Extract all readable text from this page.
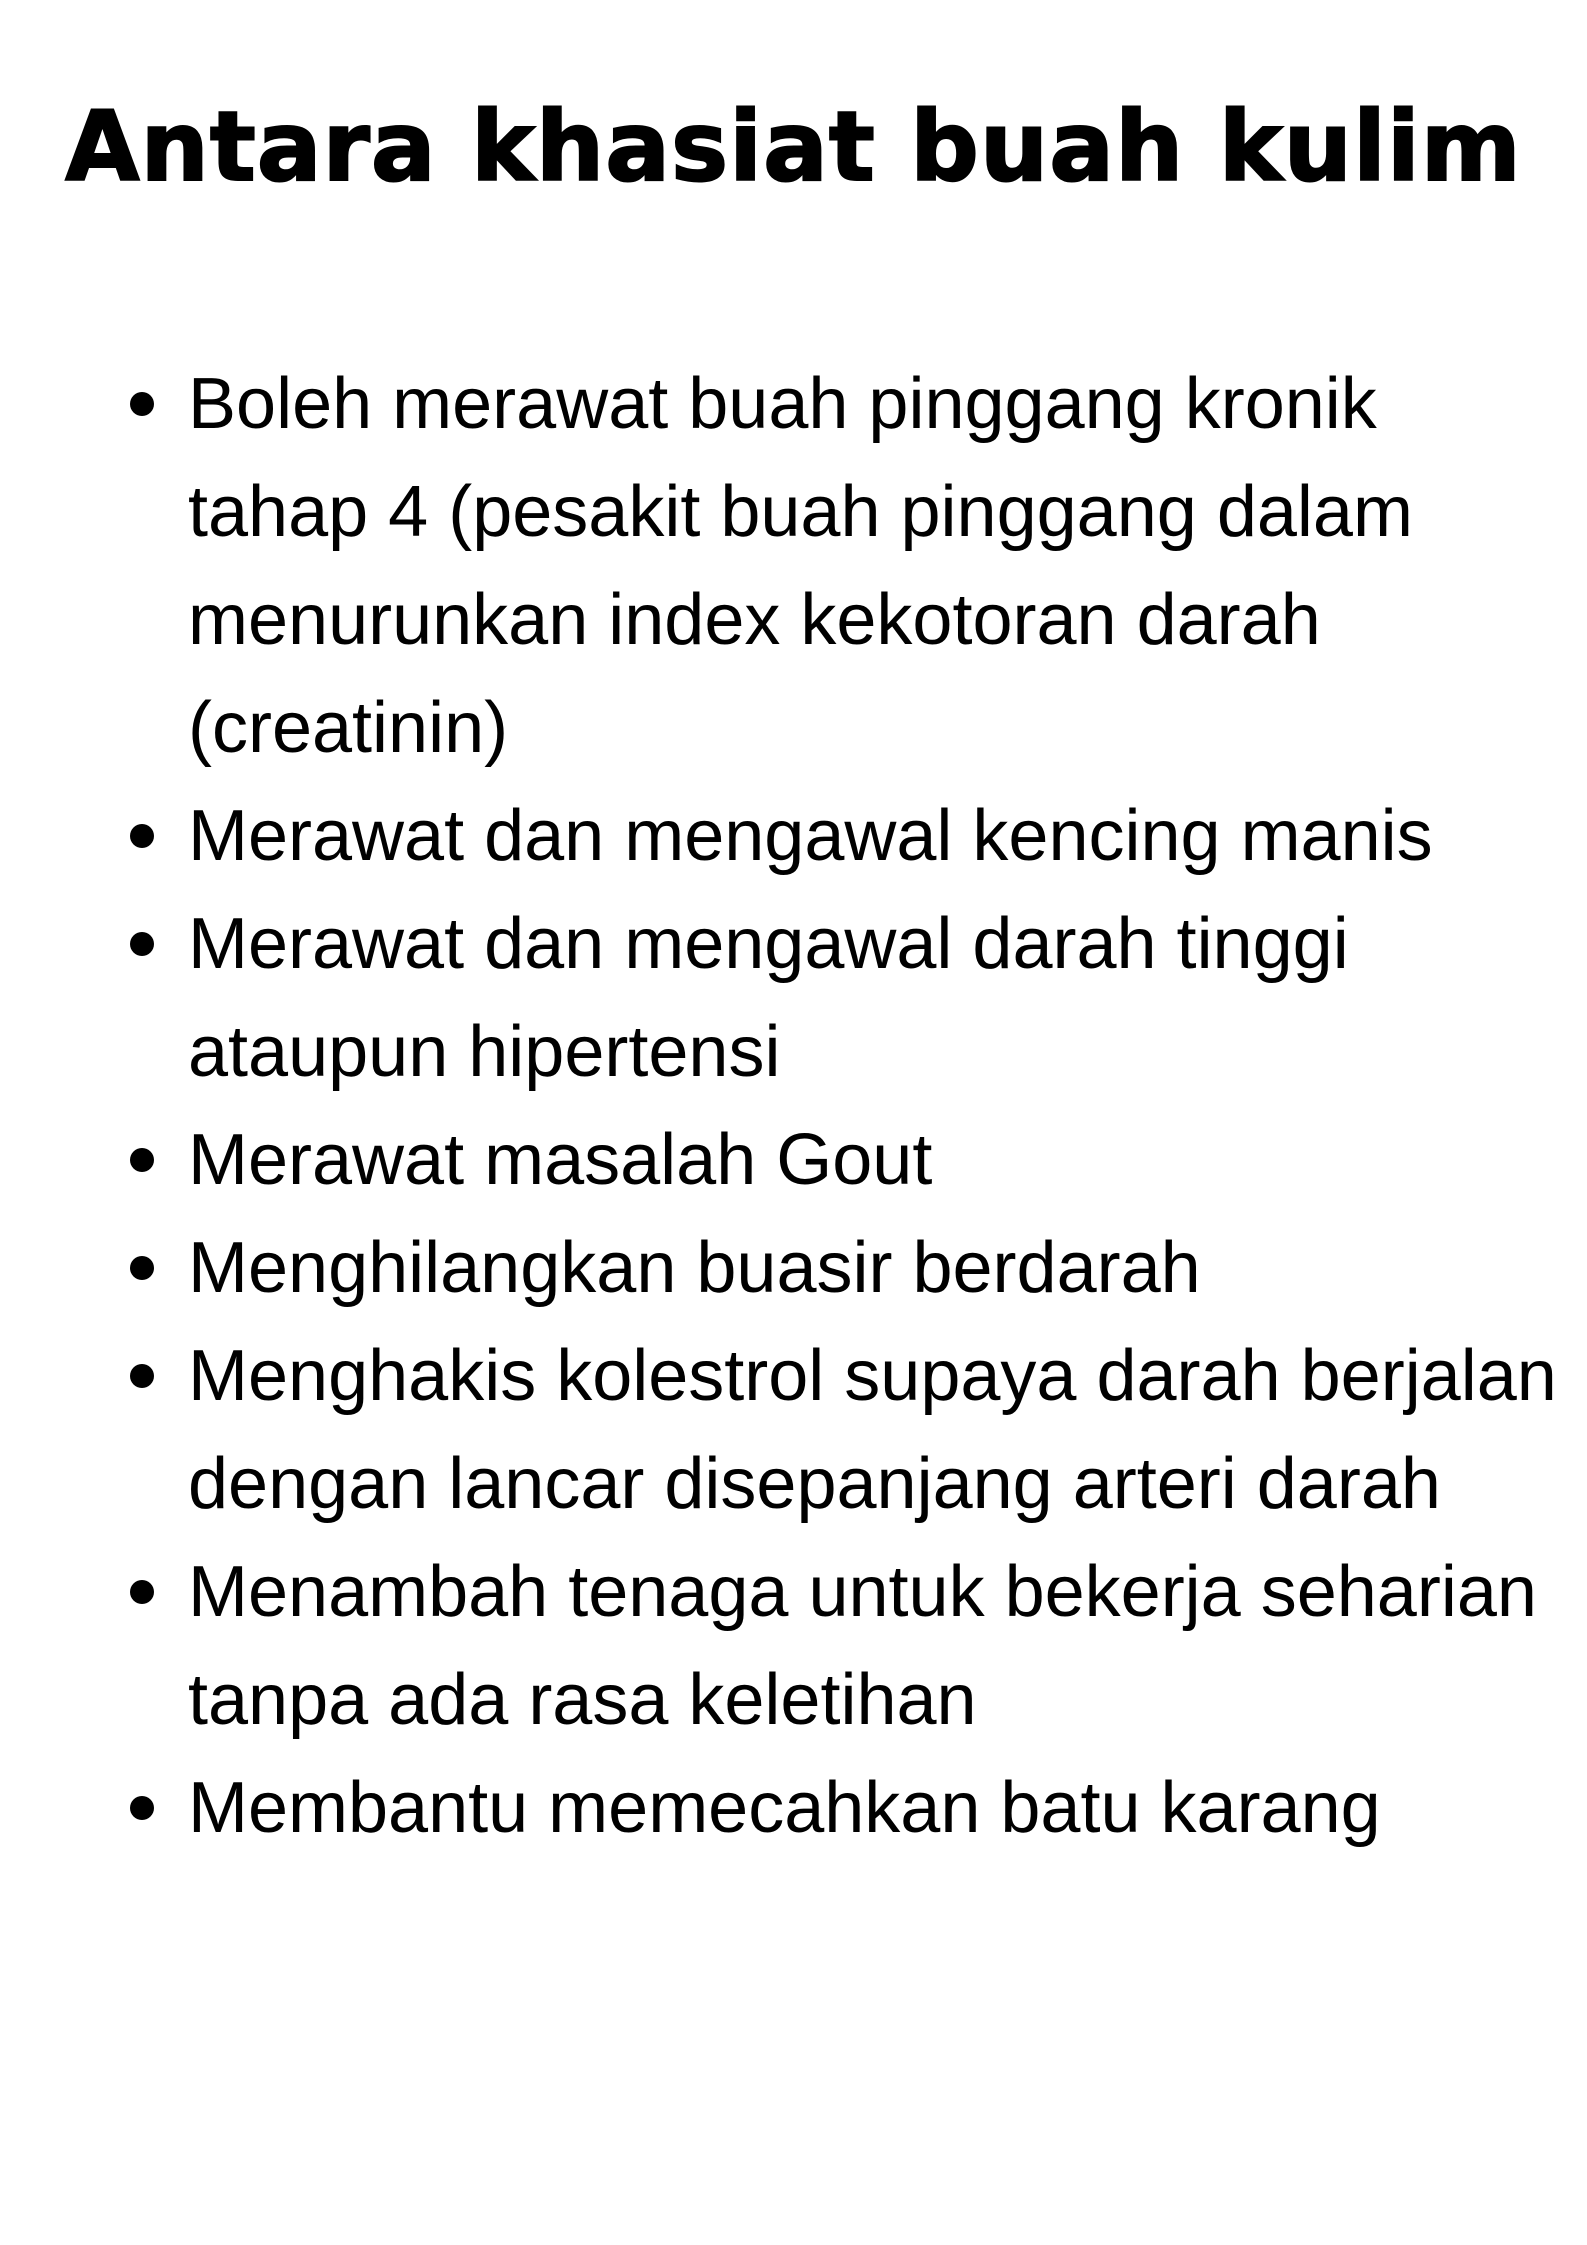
Antara khasiat buah kulim
Boleh merawat buah pinggang kronik tahap 4 (pesakit buah pinggang dalam menurunkan index kekotoran darah (creatinin)
Merawat dan mengawal kencing manis
Merawat dan mengawal darah tinggi ataupun hipertensi
Merawat masalah Gout
Menghilangkan buasir berdarah
Menghakis kolestrol supaya darah berjalan dengan lancar disepanjang arteri darah
Menambah tenaga untuk bekerja seharian tanpa ada rasa keletihan
Membantu memecahkan batu karang
